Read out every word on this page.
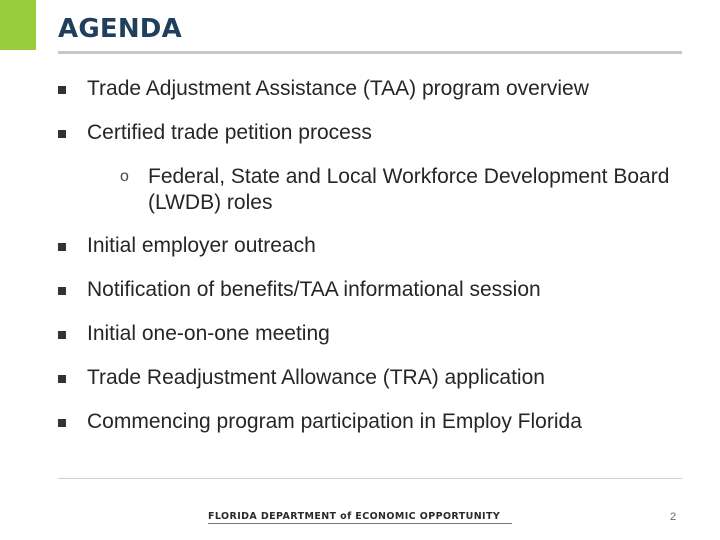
AGENDA
Trade Adjustment Assistance (TAA) program overview
Certified trade petition process
o Federal, State and Local Workforce Development Board (LWDB) roles
Initial employer outreach
Notification of benefits/TAA informational session
Initial one-on-one meeting
Trade Readjustment Allowance (TRA) application
Commencing program participation in Employ Florida
FLORIDA DEPARTMENT of ECONOMIC OPPORTUNITY	2
